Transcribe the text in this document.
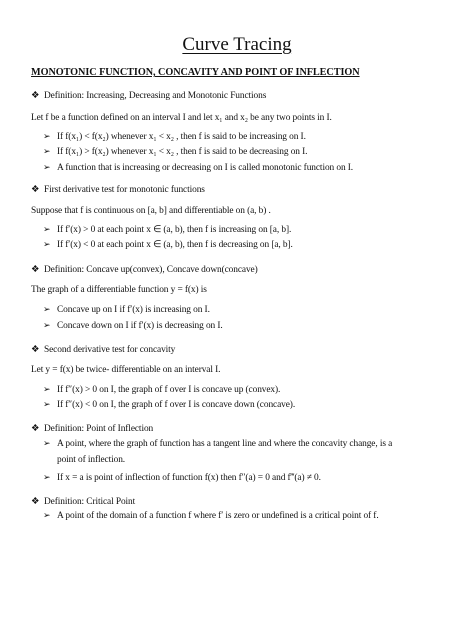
Curve Tracing
MONOTONIC FUNCTION, CONCAVITY AND POINT OF INFLECTION
❖ Definition: Increasing, Decreasing and Monotonic Functions
Let f be a function defined on an interval I and let x₁ and x₂ be any two points in I.
➢ If f(x₁) < f(x₂) whenever x₁ < x₂ , then f is said to be increasing on I.
➢ If f(x₁) > f(x₂) whenever x₁ < x₂ , then f is said to be decreasing on I.
➢ A function that is increasing or decreasing on I is called monotonic function on I.
❖ First derivative test for monotonic functions
Suppose that f is continuous on [a, b] and differentiable on (a, b) .
➢ If f′(x) > 0 at each point x ∈ (a, b), then f is increasing on [a, b].
➢ If f′(x) < 0 at each point x ∈ (a, b), then f is decreasing on [a, b].
❖ Definition: Concave up(convex), Concave down(concave)
The graph of a differentiable function y = f(x) is
➢ Concave up on I if f′(x) is increasing on I.
➢ Concave down on I if f′(x) is decreasing on I.
❖ Second derivative test for concavity
Let y = f(x) be twice- differentiable on an interval I.
➢ If f″(x) > 0 on I, the graph of f over I is concave up (convex).
➢ If f″(x) < 0 on I, the graph of f over I is concave down (concave).
❖ Definition: Point of Inflection
➢ A point, where the graph of function has a tangent line and where the concavity change, is a
point of inflection.
➢ If x = a is point of inflection of function f(x) then f″(a) = 0 and f‴(a) ≠ 0.
❖ Definition: Critical Point
➢ A point of the domain of a function f where f′ is zero or undefined is a critical point of f.
